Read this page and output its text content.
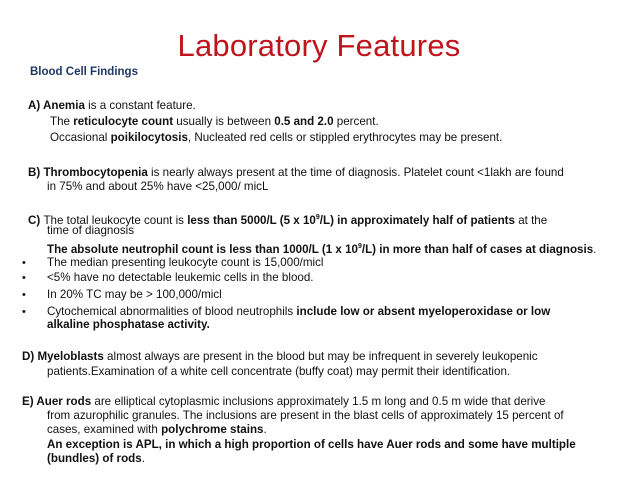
Laboratory Features
Blood Cell Findings
A) Anemia is a constant feature.
The reticulocyte count usually is between 0.5 and 2.0 percent.
Occasional poikilocytosis, Nucleated red cells or stippled erythrocytes may be present.
B) Thrombocytopenia is nearly always present at the time of diagnosis. Platelet count <1lakh are found
in 75% and about 25% have <25,000/ micL
C) The total leukocyte count is less than 5000/L (5 x $10^9/L$) in approximately half of patients at the
time of diagnosis
The absolute neutrophil count is less than 1000/L (1 x $10^9/L$) in more than half of cases at diagnosis.
• The median presenting leukocyte count is 15,000/micl
• <5% have no detectable leukemic cells in the blood.
• In 20% TC may be > 100,000/micl
• Cytochemical abnormalities of blood neutrophils include low or absent myeloperoxidase or low
alkaline phosphatase activity.
D) Myeloblasts almost always are present in the blood but may be infrequent in severely leukopenic
patients.Examination of a white cell concentrate (buffy coat) may permit their identification.
E) Auer rods are elliptical cytoplasmic inclusions approximately 1.5 m long and 0.5 m wide that derive
from azurophilic granules. The inclusions are present in the blast cells of approximately 15 percent of
cases, examined with polychrome stains.
An exception is APL, in which a high proportion of cells have Auer rods and some have multiple
(bundles) of rods.
